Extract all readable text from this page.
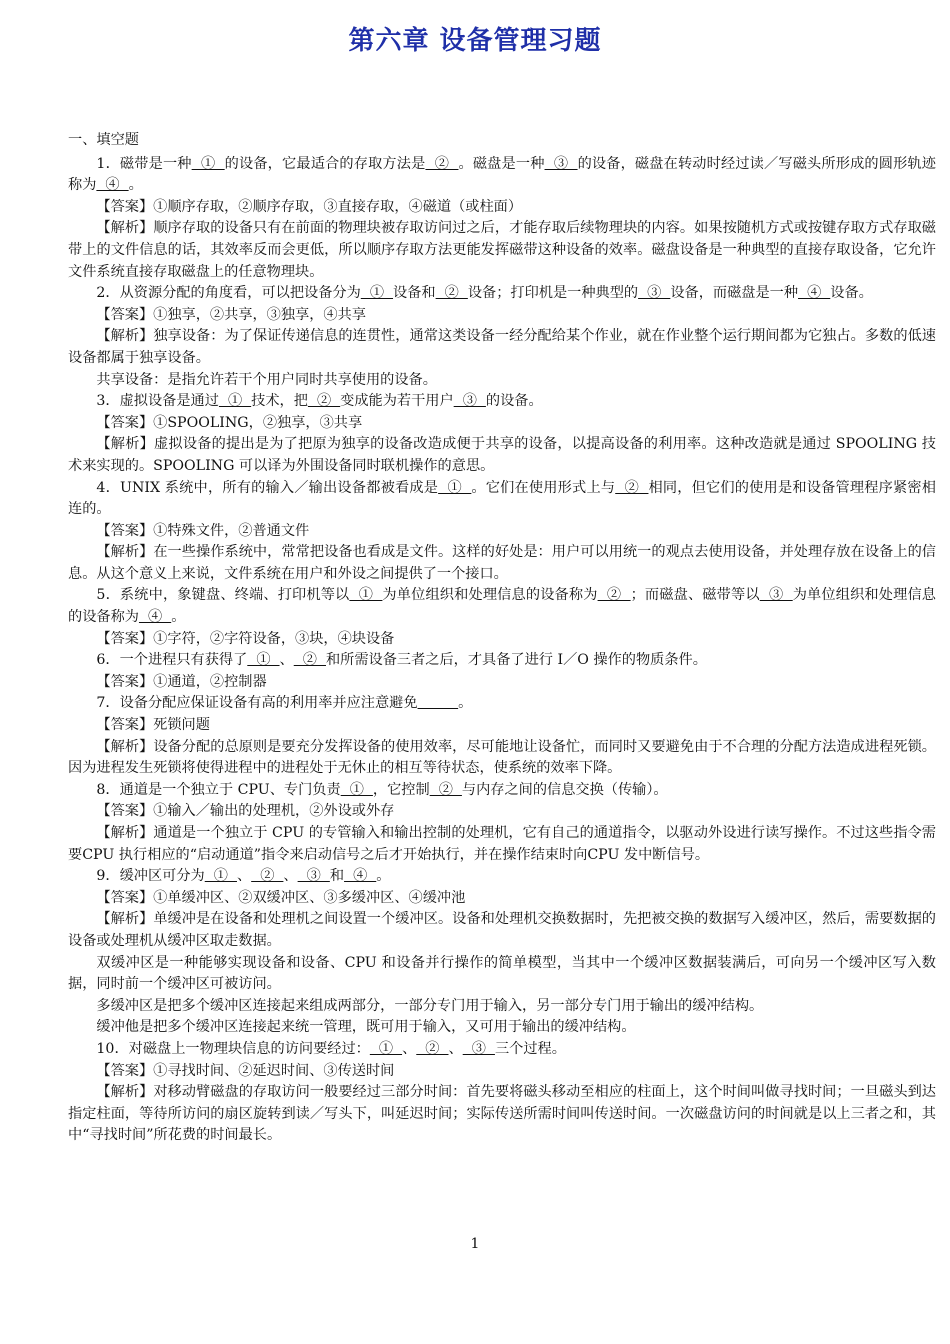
第六章 设备管理习题
一、填空题

1．磁带是一种  ①  的设备，它最适合的存取方法是  ②  。磁盘是一种  ③  的设备，磁盘在转动时经过读／写磁头所形成的圆形轨迹称为  ④  。

【答案】①顺序存取，②顺序存取，③直接存取，④磁道（或柱面）

【解析】顺序存取的设备只有在前面的物理块被存取访问过之后，才能存取后续物理块的内容。如果按随机方式或按键存取方式存取磁带上的文件信息的话，其效率反而会更低，所以顺序存取方法更能发挥磁带这种设备的效率。磁盘设备是一种典型的直接存取设备，它允许文件系统直接存取磁盘上的任意物理块。

2．从资源分配的角度看，可以把设备分为  ①  设备和  ②  设备；打印机是一种典型的  ③  设备，而磁盘是一种  ④  设备。

【答案】①独享，②共享，③独享，④共享

【解析】独享设备：为了保证传递信息的连贯性，通常这类设备一经分配给某个作业，就在作业整个运行期间都为它独占。多数的低速设备都属于独享设备。

共享设备：是指允许若干个用户同时共享使用的设备。

3．虚拟设备是通过  ①  技术，把  ②  变成能为若干用户  ③  的设备。

【答案】①SPOOLING，②独享，③共享

【解析】虚拟设备的提出是为了把原为独享的设备改造成便于共享的设备，以提高设备的利用率。这种改造就是通过 SPOOLING 技术来实现的。SPOOLING 可以译为外围设备同时联机操作的意思。

4．UNIX 系统中，所有的输入／输出设备都被看成是  ①  。它们在使用形式上与  ②  相同，但它们的使用是和设备管理程序紧密相连的。

【答案】①特殊文件，②普通文件

【解析】在一些操作系统中，常常把设备也看成是文件。这样的好处是：用户可以用统一的观点去使用设备，并处理存放在设备上的信息。从这个意义上来说，文件系统在用户和外设之间提供了一个接口。

5．系统中，象键盘、终端、打印机等以  ①  为单位组织和处理信息的设备称为  ②  ；而磁盘、磁带等以  ③  为单位组织和处理信息的设备称为  ④  。

【答案】①字符，②字符设备，③块，④块设备

6．一个进程只有获得了  ①  、  ②  和所需设备三者之后，才具备了进行 I／O 操作的物质条件。

【答案】①通道，②控制器

7．设备分配应保证设备有高的利用率并应注意避免	。

【答案】死锁问题

【解析】设备分配的总原则是要充分发挥设备的使用效率，尽可能地让设备忙，而同时又要避免由于不合理的分配方法造成进程死锁。因为进程发生死锁将使得进程中的进程处于无休止的相互等待状态，使系统的效率下降。

8．通道是一个独立于 CPU、专门负责  ①  ，它控制  ②  与内存之间的信息交换（传输）。

【答案】①输入／输出的处理机，②外设或外存

【解析】通道是一个独立于 CPU 的专管输入和输出控制的处理机，它有自己的通道指令，以驱动外设进行读写操作。不过这些指令需要CPU 执行相应的“启动通道”指令来启动信号之后才开始执行，并在操作结束时向CPU 发中断信号。

9．缓冲区可分为  ①  、  ②  、  ③  和  ④  。

【答案】①单缓冲区、②双缓冲区、③多缓冲区、④缓冲池

【解析】单缓冲是在设备和处理机之间设置一个缓冲区。设备和处理机交换数据时，先把被交换的数据写入缓冲区，然后，需要数据的设备或处理机从缓冲区取走数据。

双缓冲区是一种能够实现设备和设备、CPU 和设备并行操作的简单模型，当其中一个缓冲区数据装满后，可向另一个缓冲区写入数据，同时前一个缓冲区可被访问。

多缓冲区是把多个缓冲区连接起来组成两部分，一部分专门用于输入，另一部分专门用于输出的缓冲结构。

缓冲他是把多个缓冲区连接起来统一管理，既可用于输入，又可用于输出的缓冲结构。

10．对磁盘上一物理块信息的访问要经过：  ①  、  ②  、  ③  三个过程。

【答案】①寻找时间、②延迟时间、③传送时间

【解析】对移动臂磁盘的存取访问一般要经过三部分时间：首先要将磁头移动至相应的柱面上，这个时间叫做寻找时间；一旦磁头到达指定柱面，等待所访问的扇区旋转到读／写头下，叫延迟时间；实际传送所需时间叫传送时间。一次磁盘访问的时间就是以上三者之和，其中“寻找时间”所花费的时间最长。

1
